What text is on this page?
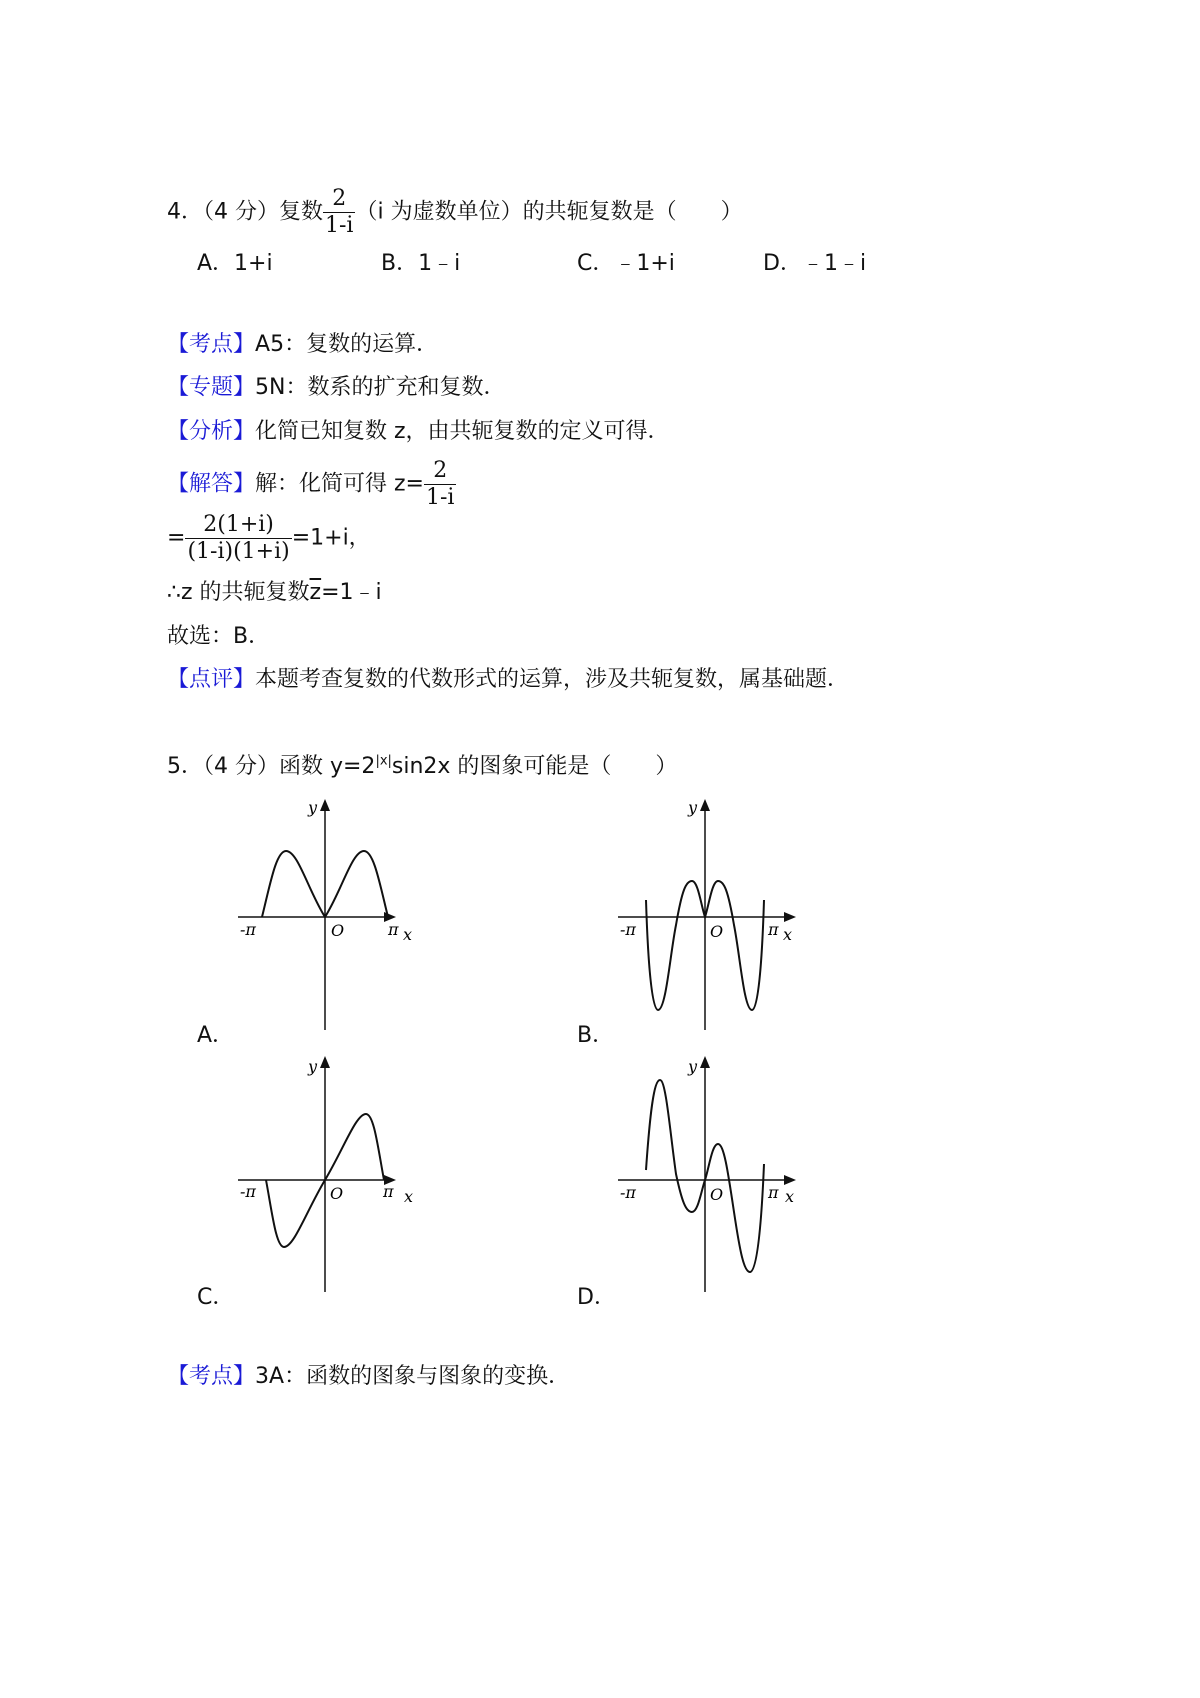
4．（4 分）复数 $\frac{2}{1-i} (i$ 为虚数单位）的共轭复数是（　　）
A．1+i	B．1﹣i	C．﹣1+i	D．﹣1﹣i
【考点】A5：复数的运算．
【专题】5N：数系的扩充和复数．
【分析】化简已知复数 z，由共轭复数的定义可得．
【解答】解：化简可得 $z= \frac{2}{1-i}$
= $\frac{2(1+i)}{(1-i)(1+i)} =1+i$，
∴z 的共轭复数$\overline{z}=1﹣i$
故选：B．
【点评】本题考查复数的代数形式的运算，涉及共轭复数，属基础题．
5．（4 分）函数 $y=2^{|x|}\sin 2x$ 的图象可能是（　　）
y
O
-π	π x
A．
y
O
-π	π x
B．
y
O
-π	π x
C．
y
O
-π	π x
D．
【考点】3A：函数的图象与图象的变换．
